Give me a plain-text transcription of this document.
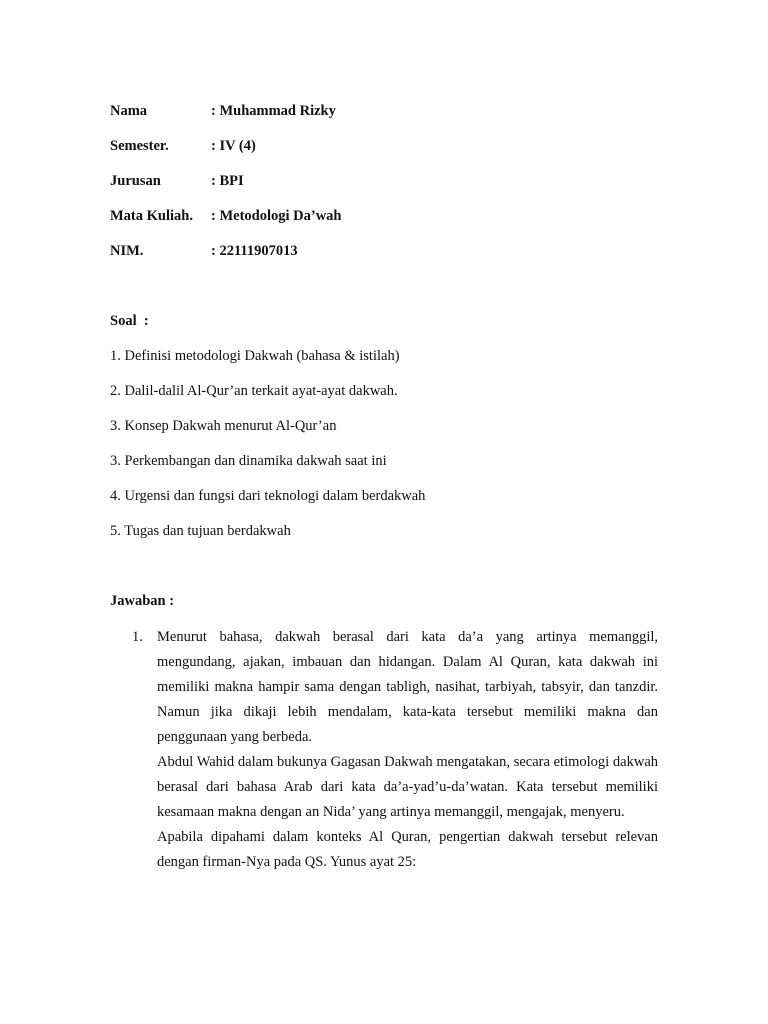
Nama	: Muhammad Rizky
Semester.	: IV (4)
Jurusan	: BPI
Mata Kuliah. : Metodologi Da’wah
NIM.	: 22111907013
Soal  :
1. Definisi metodologi Dakwah (bahasa & istilah)
2. Dalil-dalil Al-Qur’an terkait ayat-ayat dakwah.
3. Konsep Dakwah menurut Al-Qur’an
3. Perkembangan dan dinamika dakwah saat ini
4. Urgensi dan fungsi dari teknologi dalam berdakwah
5. Tugas dan tujuan berdakwah
Jawaban :
1. Menurut bahasa, dakwah berasal dari kata da’a yang artinya memanggil, mengundang, ajakan, imbauan dan hidangan. Dalam Al Quran, kata dakwah ini memiliki makna hampir sama dengan tabligh, nasihat, tarbiyah, tabsyir, dan tanzdir. Namun jika dikaji lebih mendalam, kata-kata tersebut memiliki makna dan penggunaan yang berbeda.

Abdul Wahid dalam bukunya Gagasan Dakwah mengatakan, secara etimologi dakwah berasal dari bahasa Arab dari kata da’a-yad’u-da’watan. Kata tersebut memiliki kesamaan makna dengan an Nida’ yang artinya memanggil, mengajak, menyeru.

Apabila dipahami dalam konteks Al Quran, pengertian dakwah tersebut relevan dengan firman-Nya pada QS. Yunus ayat 25:
